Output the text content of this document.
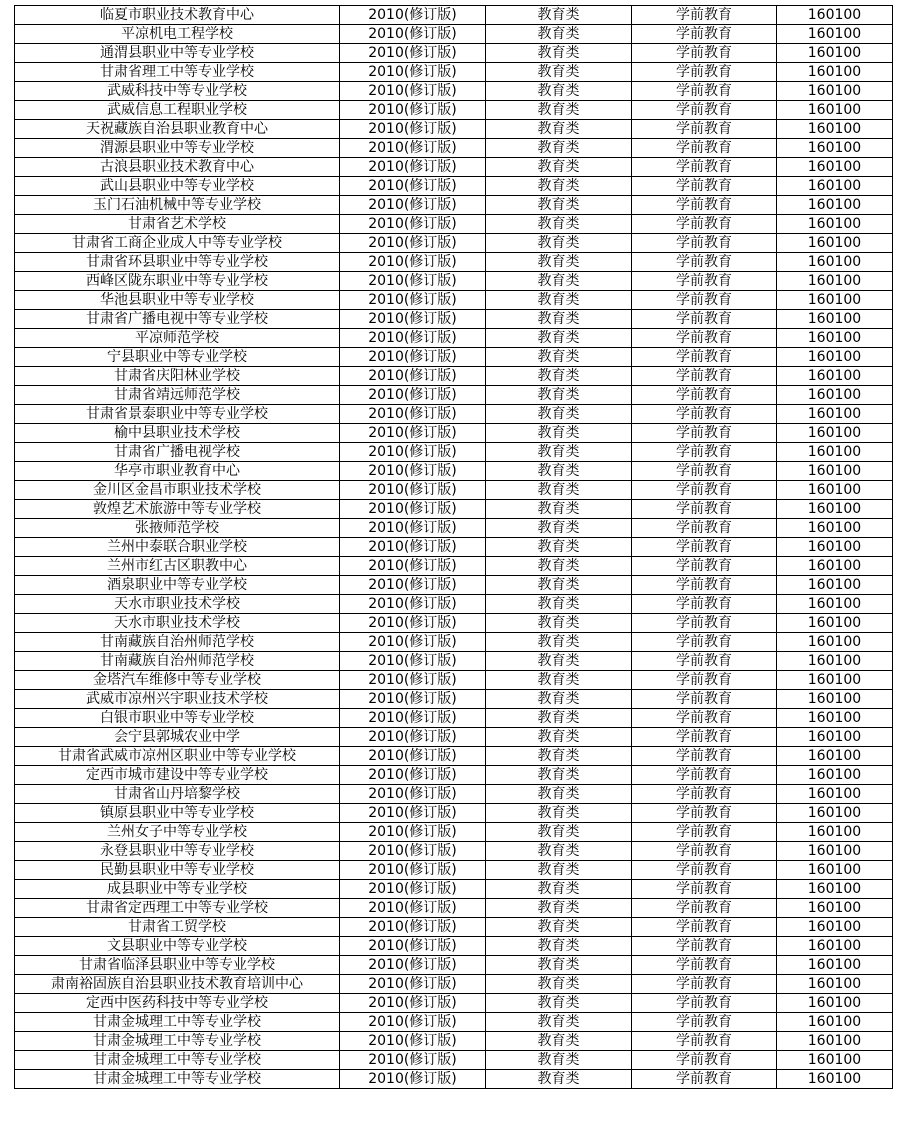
临夏市职业技术教育中心	2010(修订版)	教育类	学前教育	160100
平凉机电工程学校	2010(修订版)	教育类	学前教育	160100
通渭县职业中等专业学校	2010(修订版)	教育类	学前教育	160100
甘肃省理工中等专业学校	2010(修订版)	教育类	学前教育	160100
武威科技中等专业学校	2010(修订版)	教育类	学前教育	160100
武威信息工程职业学校	2010(修订版)	教育类	学前教育	160100
天祝藏族自治县职业教育中心	2010(修订版)	教育类	学前教育	160100
渭源县职业中等专业学校	2010(修订版)	教育类	学前教育	160100
古浪县职业技术教育中心	2010(修订版)	教育类	学前教育	160100
武山县职业中等专业学校	2010(修订版)	教育类	学前教育	160100
玉门石油机械中等专业学校	2010(修订版)	教育类	学前教育	160100
甘肃省艺术学校	2010(修订版)	教育类	学前教育	160100
甘肃省工商企业成人中等专业学校	2010(修订版)	教育类	学前教育	160100
甘肃省环县职业中等专业学校	2010(修订版)	教育类	学前教育	160100
西峰区陇东职业中等专业学校	2010(修订版)	教育类	学前教育	160100
华池县职业中等专业学校	2010(修订版)	教育类	学前教育	160100
甘肃省广播电视中等专业学校	2010(修订版)	教育类	学前教育	160100
平凉师范学校	2010(修订版)	教育类	学前教育	160100
宁县职业中等专业学校	2010(修订版)	教育类	学前教育	160100
甘肃省庆阳林业学校	2010(修订版)	教育类	学前教育	160100
甘肃省靖远师范学校	2010(修订版)	教育类	学前教育	160100
甘肃省景泰职业中等专业学校	2010(修订版)	教育类	学前教育	160100
榆中县职业技术学校	2010(修订版)	教育类	学前教育	160100
甘肃省广播电视学校	2010(修订版)	教育类	学前教育	160100
华亭市职业教育中心	2010(修订版)	教育类	学前教育	160100
金川区金昌市职业技术学校	2010(修订版)	教育类	学前教育	160100
敦煌艺术旅游中等专业学校	2010(修订版)	教育类	学前教育	160100
张掖师范学校	2010(修订版)	教育类	学前教育	160100
兰州中泰联合职业学校	2010(修订版)	教育类	学前教育	160100
兰州市红古区职教中心	2010(修订版)	教育类	学前教育	160100
酒泉职业中等专业学校	2010(修订版)	教育类	学前教育	160100
天水市职业技术学校	2010(修订版)	教育类	学前教育	160100
天水市职业技术学校	2010(修订版)	教育类	学前教育	160100
甘南藏族自治州师范学校	2010(修订版)	教育类	学前教育	160100
甘南藏族自治州师范学校	2010(修订版)	教育类	学前教育	160100
金塔汽车维修中等专业学校	2010(修订版)	教育类	学前教育	160100
武威市凉州兴宇职业技术学校	2010(修订版)	教育类	学前教育	160100
白银市职业中等专业学校	2010(修订版)	教育类	学前教育	160100
会宁县郭城农业中学	2010(修订版)	教育类	学前教育	160100
甘肃省武威市凉州区职业中等专业学校	2010(修订版)	教育类	学前教育	160100
定西市城市建设中等专业学校	2010(修订版)	教育类	学前教育	160100
甘肃省山丹培黎学校	2010(修订版)	教育类	学前教育	160100
镇原县职业中等专业学校	2010(修订版)	教育类	学前教育	160100
兰州女子中等专业学校	2010(修订版)	教育类	学前教育	160100
永登县职业中等专业学校	2010(修订版)	教育类	学前教育	160100
民勤县职业中等专业学校	2010(修订版)	教育类	学前教育	160100
成县职业中等专业学校	2010(修订版)	教育类	学前教育	160100
甘肃省定西理工中等专业学校	2010(修订版)	教育类	学前教育	160100
甘肃省工贸学校	2010(修订版)	教育类	学前教育	160100
文县职业中等专业学校	2010(修订版)	教育类	学前教育	160100
甘肃省临泽县职业中等专业学校	2010(修订版)	教育类	学前教育	160100
肃南裕固族自治县职业技术教育培训中心	2010(修订版)	教育类	学前教育	160100
定西中医药科技中等专业学校	2010(修订版)	教育类	学前教育	160100
甘肃金城理工中等专业学校	2010(修订版)	教育类	学前教育	160100
甘肃金城理工中等专业学校	2010(修订版)	教育类	学前教育	160100
甘肃金城理工中等专业学校	2010(修订版)	教育类	学前教育	160100
甘肃金城理工中等专业学校	2010(修订版)	教育类	学前教育	160100
